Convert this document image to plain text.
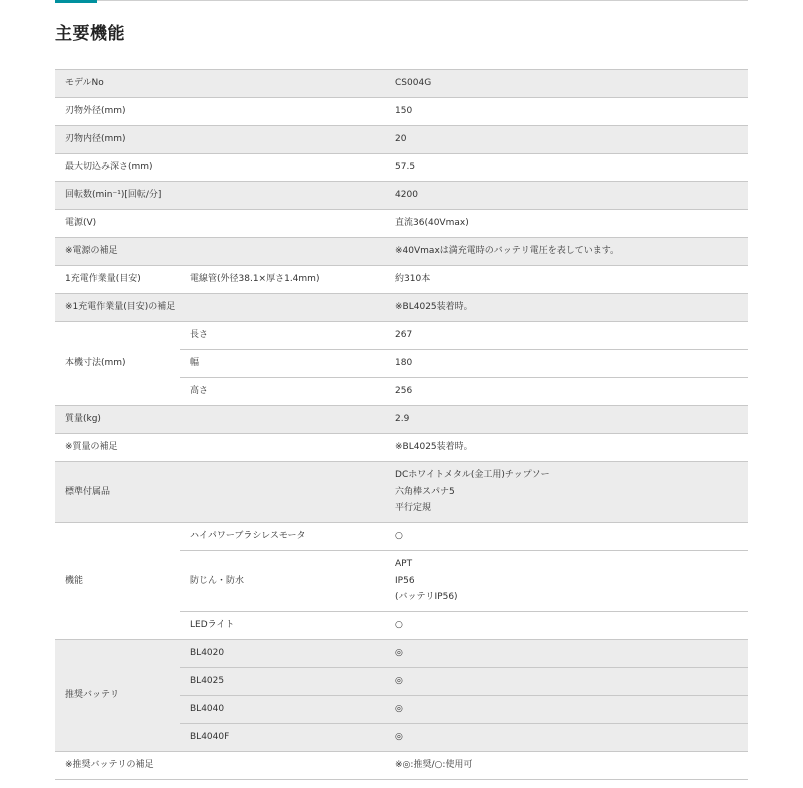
主要機能
モデルNo		CS004G
刃物外径(mm)		150
刃物内径(mm)		20
最大切込み深さ(mm)		57.5
回転数(min⁻¹)[回転/分]		4200
電源(V)		直流36(40Vmax)
※電源の補足		※40Vmaxは満充電時のバッテリ電圧を表しています。
1充電作業量(目安)	電線管(外径38.1×厚さ1.4mm)	約310本
※1充電作業量(目安)の補足		※BL4025装着時。
本機寸法(mm)	長さ	267
	幅	180
	高さ	256
質量(kg)		2.9
※質量の補足		※BL4025装着時。
標準付属品		DCホワイトメタル(金工用)チップソー
六角棒スパナ5
平行定規

機能	ハイパワーブラシレスモータ	○
	防じん・防水	APT
IP56
(バッテリIP56)

	LEDライト	○
推奨バッテリ	BL4020	◎
	BL4025	◎
	BL4040	◎
	BL4040F	◎
※推奨バッテリの補足		※◎:推奨/○:使用可
